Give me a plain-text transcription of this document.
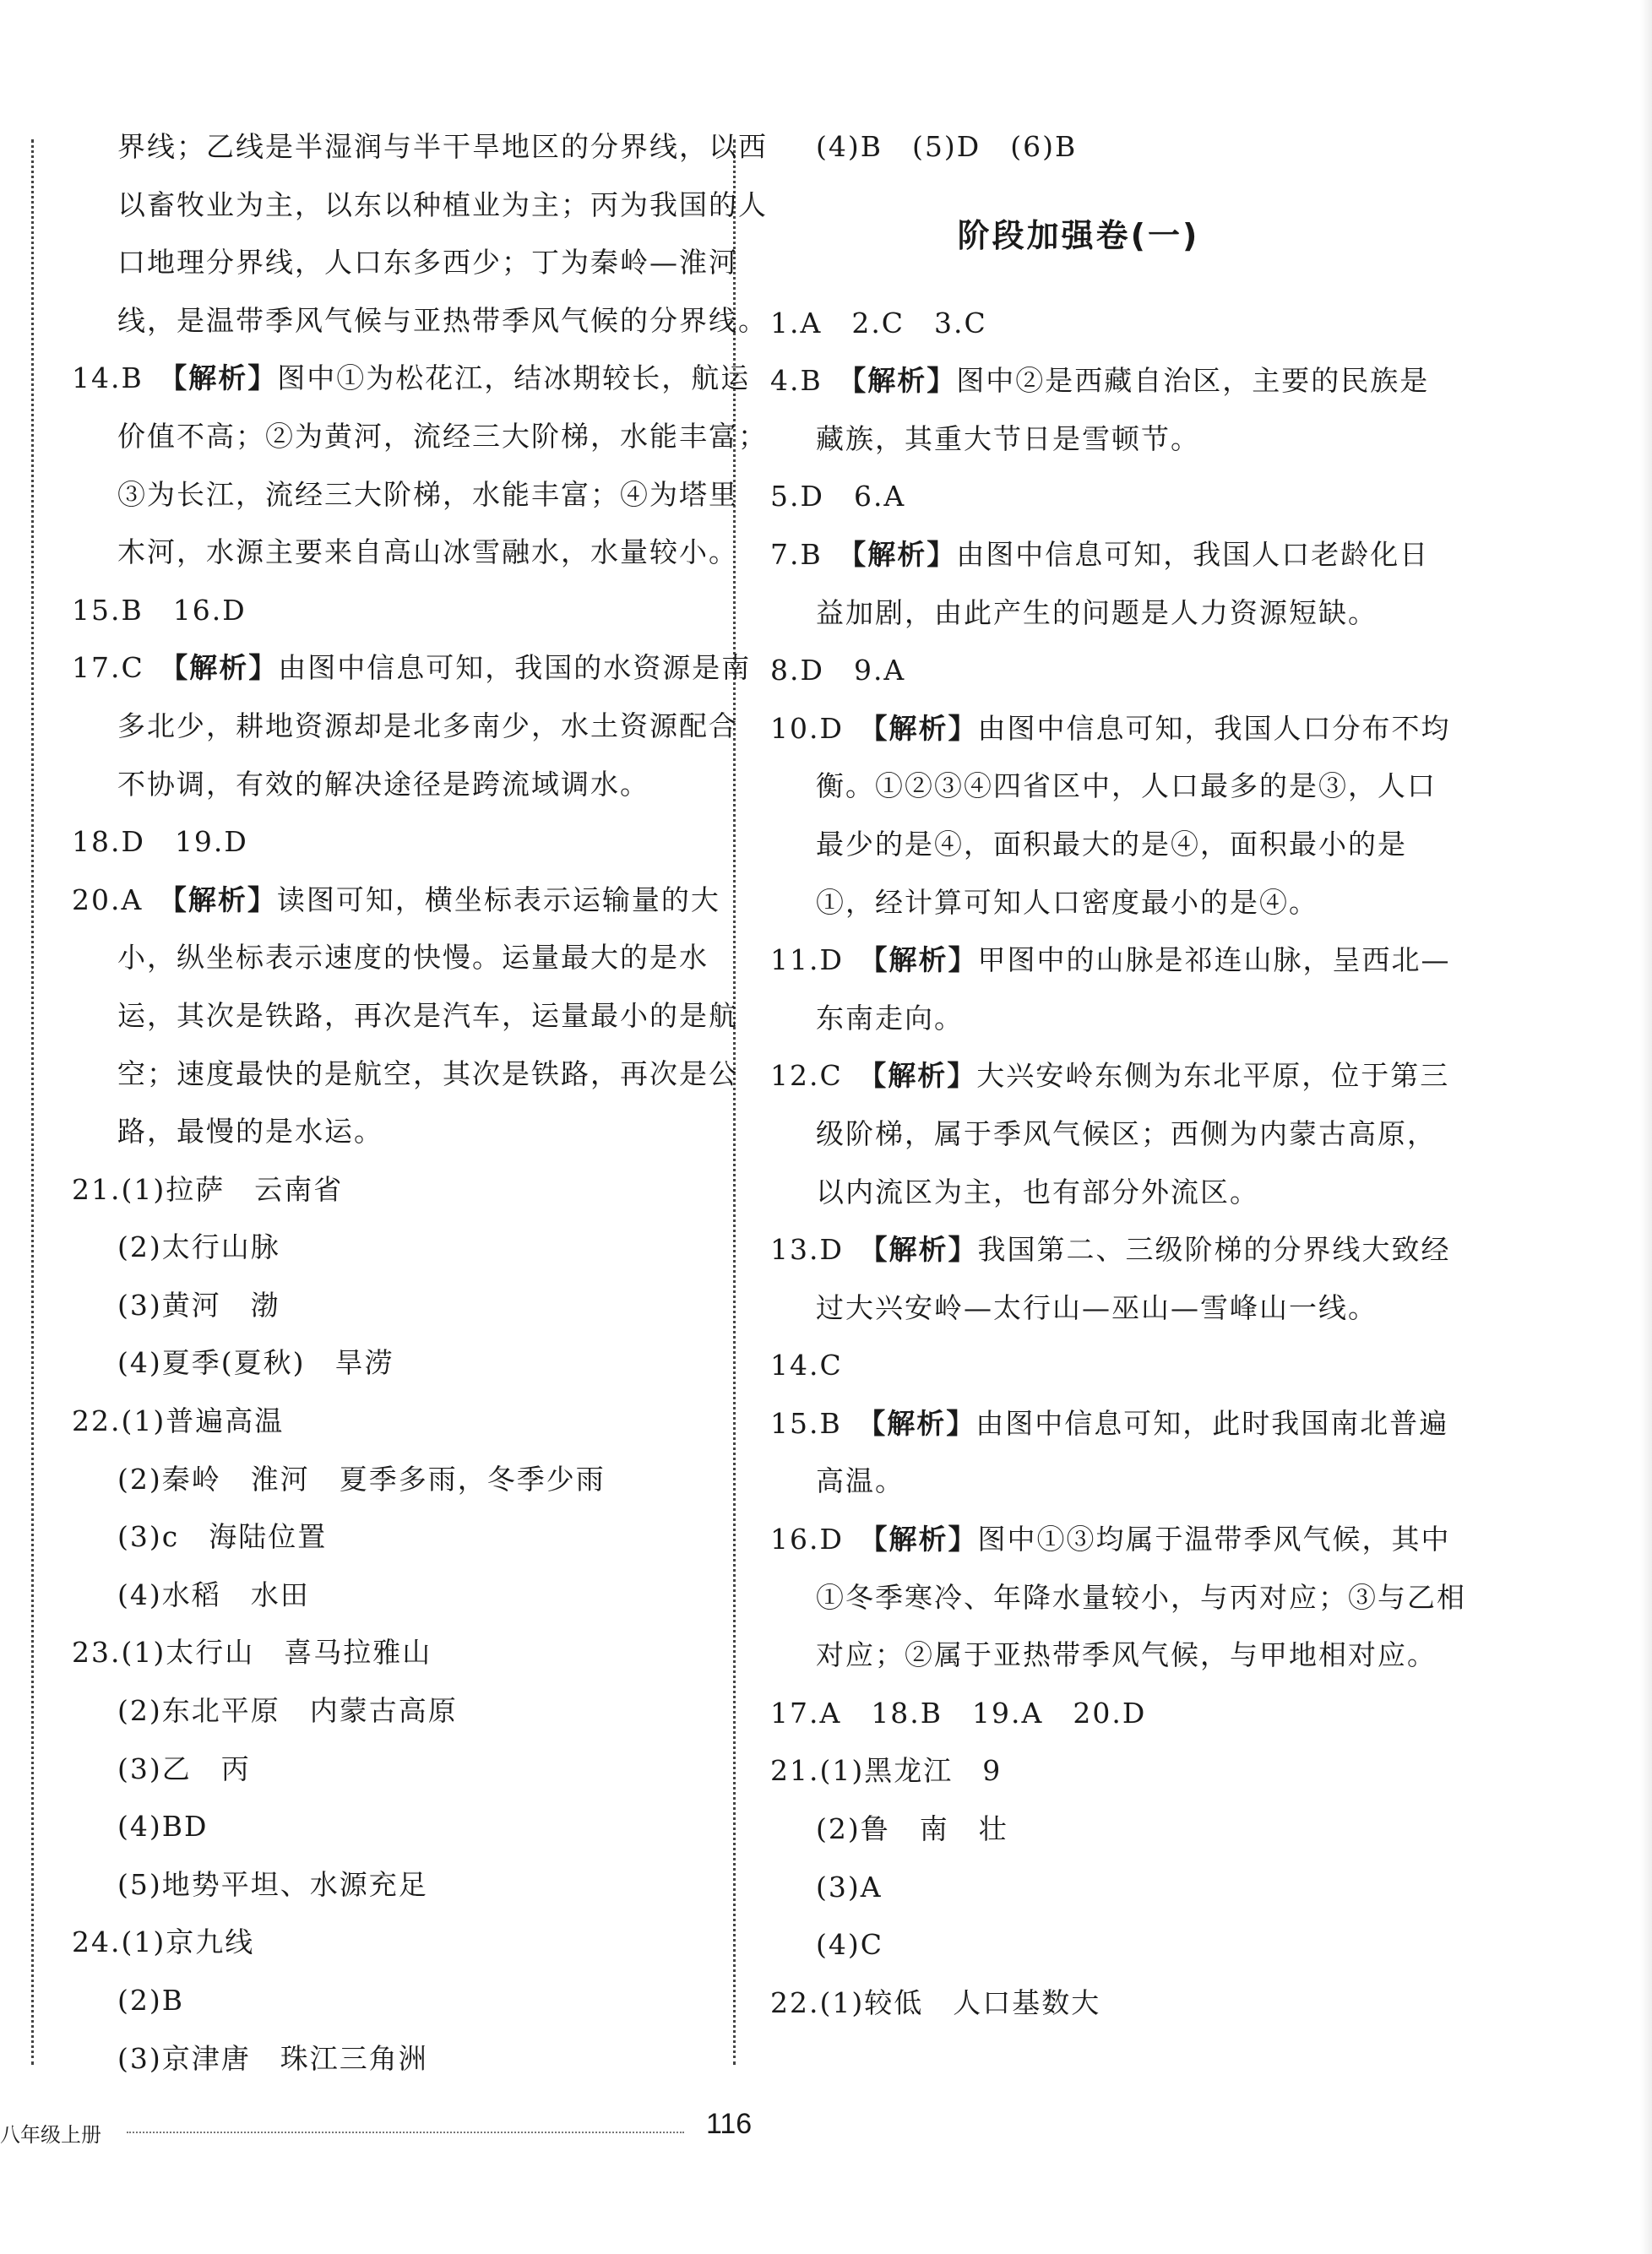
界线；乙线是半湿润与半干旱地区的分界线，以西
以畜牧业为主，以东以种植业为主；丙为我国的人
口地理分界线，人口东多西少；丁为秦岭—淮河
线，是温带季风气候与亚热带季风气候的分界线。
14.B　 【解析】图中①为松花江，结冰期较长，航运
价值不高；②为黄河，流经三大阶梯，水能丰富；
③为长江，流经三大阶梯，水能丰富；④为塔里
木河，水源主要来自高山冰雪融水，水量较小。
15.B　16.D
17.C　 【解析】由图中信息可知，我国的水资源是南
多北少，耕地资源却是北多南少，水土资源配合
不协调，有效的解决途径是跨流域调水。
18.D　19.D
20.A　 【解析】读图可知，横坐标表示运输量的大
小，纵坐标表示速度的快慢。运量最大的是水
运，其次是铁路，再次是汽车，运量最小的是航
空；速度最快的是航空，其次是铁路，再次是公
路，最慢的是水运。
21.(1)拉萨　云南省
(2)太行山脉
(3)黄河　渤
(4)夏季(夏秋)　旱涝
22.(1)普遍高温
(2)秦岭　淮河　夏季多雨，冬季少雨
(3)c　海陆位置
(4)水稻　水田
23.(1)太行山　喜马拉雅山
(2)东北平原　内蒙古高原
(3)乙　丙
(4)BD
(5)地势平坦、水源充足
24.(1)京九线
(2)B
(3)京津唐　珠江三角洲
(4)B　(5)D　(6)B
阶段加强卷(一)
1.A　2.C　3.C
4.B　 【解析】图中②是西藏自治区，主要的民族是
藏族，其重大节日是雪顿节。
5.D　6.A
7.B　 【解析】由图中信息可知，我国人口老龄化日
益加剧，由此产生的问题是人力资源短缺。
8.D　9.A
10.D　 【解析】由图中信息可知，我国人口分布不均
衡。①②③④四省区中，人口最多的是③，人口
最少的是④，面积最大的是④，面积最小的是
①，经计算可知人口密度最小的是④。
11.D　 【解析】甲图中的山脉是祁连山脉，呈西北—
东南走向。
12.C　 【解析】大兴安岭东侧为东北平原，位于第三
级阶梯，属于季风气候区；西侧为内蒙古高原，
以内流区为主，也有部分外流区。
13.D　 【解析】我国第二、三级阶梯的分界线大致经
过大兴安岭—太行山—巫山—雪峰山一线。
14.C
15.B　 【解析】由图中信息可知，此时我国南北普遍
高温。
16.D　 【解析】图中①③均属于温带季风气候，其中
①冬季寒冷、年降水量较小，与丙对应；③与乙相
对应；②属于亚热带季风气候，与甲地相对应。
17.A　18.B　19.A　20.D
21.(1)黑龙江　9
(2)鲁　南　壮
(3)A
(4)C
22.(1)较低　人口基数大
八年级上册	116
